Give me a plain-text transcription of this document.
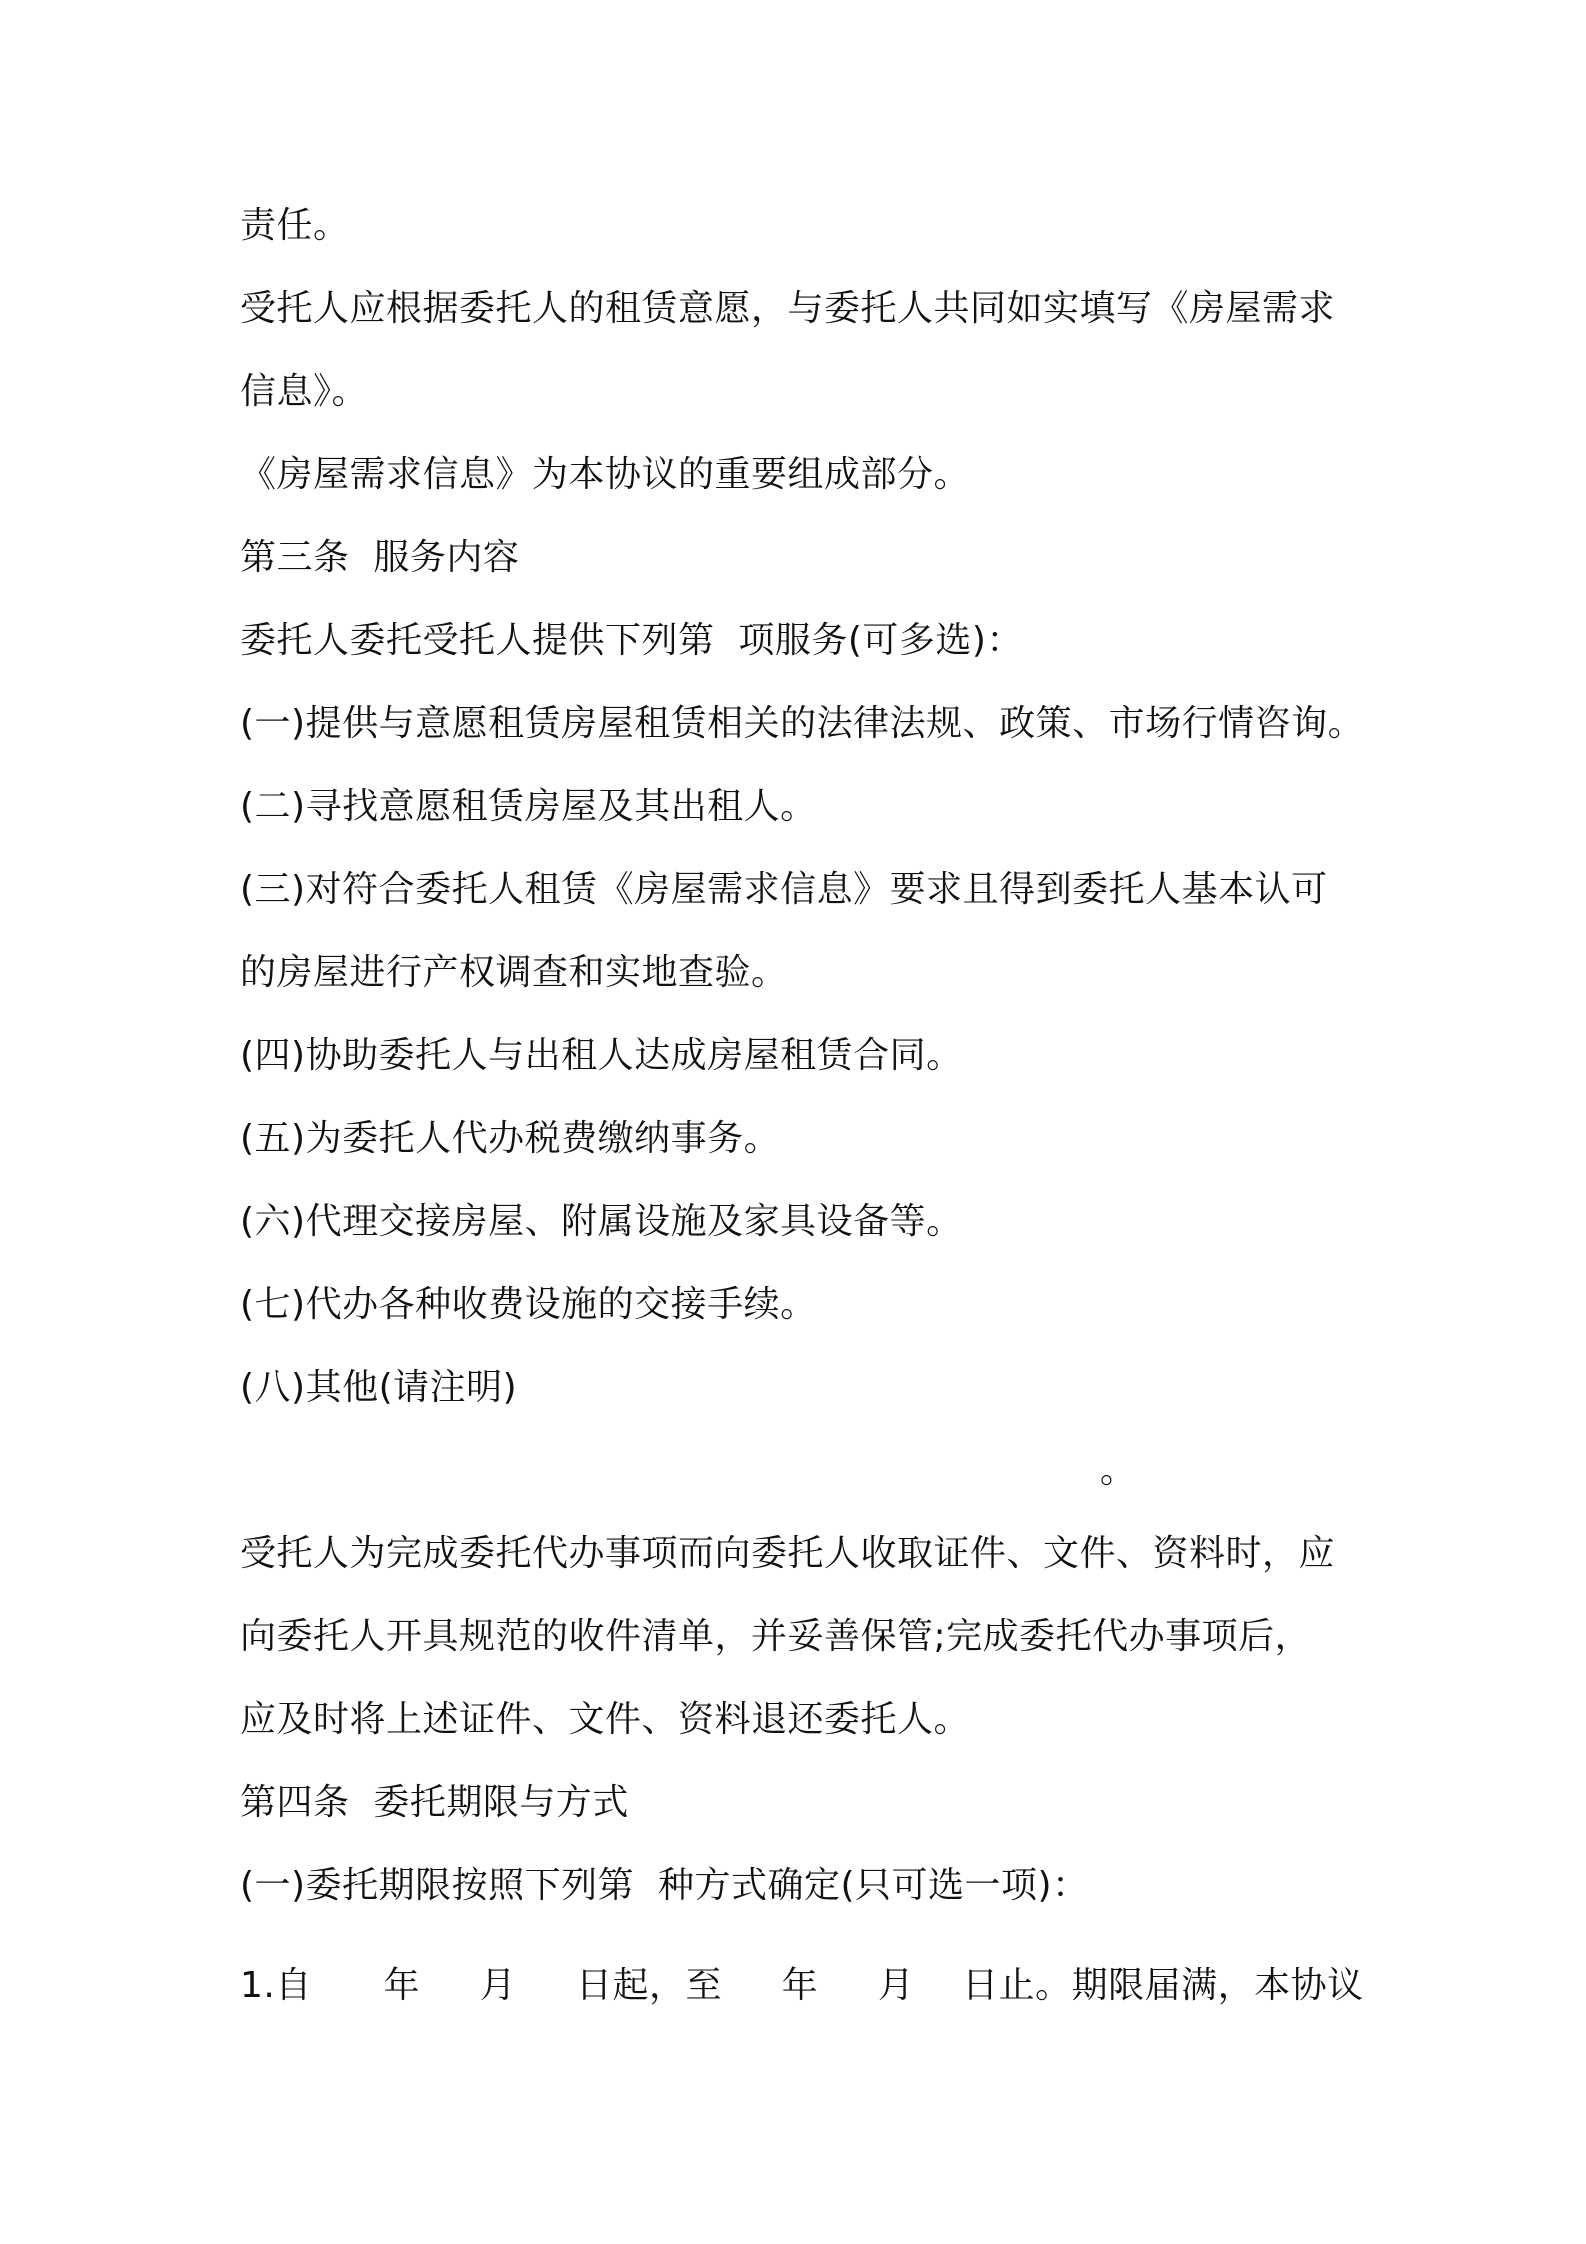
责任。
受托人应根据委托人的租赁意愿，与委托人共同如实填写《房屋需求
信息》。
《房屋需求信息》为本协议的重要组成部分。
第三条  服务内容
委托人委托受托人提供下列第  项服务(可多选)：
(一)提供与意愿租赁房屋租赁相关的法律法规、政策、市场行情咨询。
(二)寻找意愿租赁房屋及其出租人。
(三)对符合委托人租赁《房屋需求信息》要求且得到委托人基本认可
的房屋进行产权调查和实地查验。
(四)协助委托人与出租人达成房屋租赁合同。
(五)为委托人代办税费缴纳事务。
(六)代理交接房屋、附属设施及家具设备等。
(七)代办各种收费设施的交接手续。
(八)其他(请注明)
。
受托人为完成委托代办事项而向委托人收取证件、文件、资料时，应
向委托人开具规范的收件清单，并妥善保管;完成委托代办事项后，
应及时将上述证件、文件、资料退还委托人。
第四条  委托期限与方式
(一)委托期限按照下列第  种方式确定(只可选一项)：
1.自      年     月     日起，至     年     月    日止。期限届满，本协议
